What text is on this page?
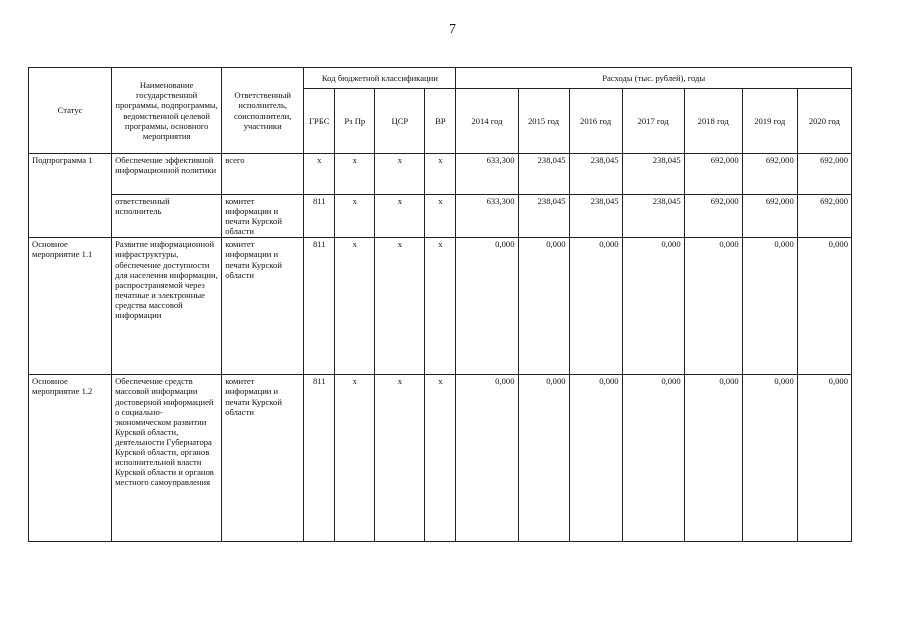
7
Статус	Наименование государственной программы, подпрограммы, ведомственной целевой программы, основного мероприятия	Ответственный исполнитель, соисполнители, участники	Код бюджетной классификации				Расходы (тыс. рублей), годы						
			ГРБС	Рз Пр	ЦСР	ВР	2014 год	2015 год	2016 год	2017 год	2018 год	2019 год	2020 год
Подпрограмма 1	Обеспечение эффективной информационной политики	всего	х	х	х	х	633,300	238,045	238,045	238,045	692,000	692,000	692,000
	ответственный исполнитель	комитет информации и печати Курской области	811	х	х	х	633,300	238,045	238,045	238,045	692,000	692,000	692,000
Основное мероприятие 1.1	Развитие информационной инфраструктуры, обеспечение доступности для населения информации, распространяемой через печатные и электронные средства массовой информации	комитет информации и печати Курской области	811	х	х	х	0,000	0,000	0,000	0,000	0,000	0,000	0,000
Основное мероприятие 1.2	Обеспечение средств массовой информации достоверной информацией о социально-экономическом развитии Курской области, деятельности Губернатора Курской области, органов исполнительной власти Курской области и органов местного самоуправления	комитет информации и печати Курской области	811	х	х	х	0,000	0,000	0,000	0,000	0,000	0,000	0,000
